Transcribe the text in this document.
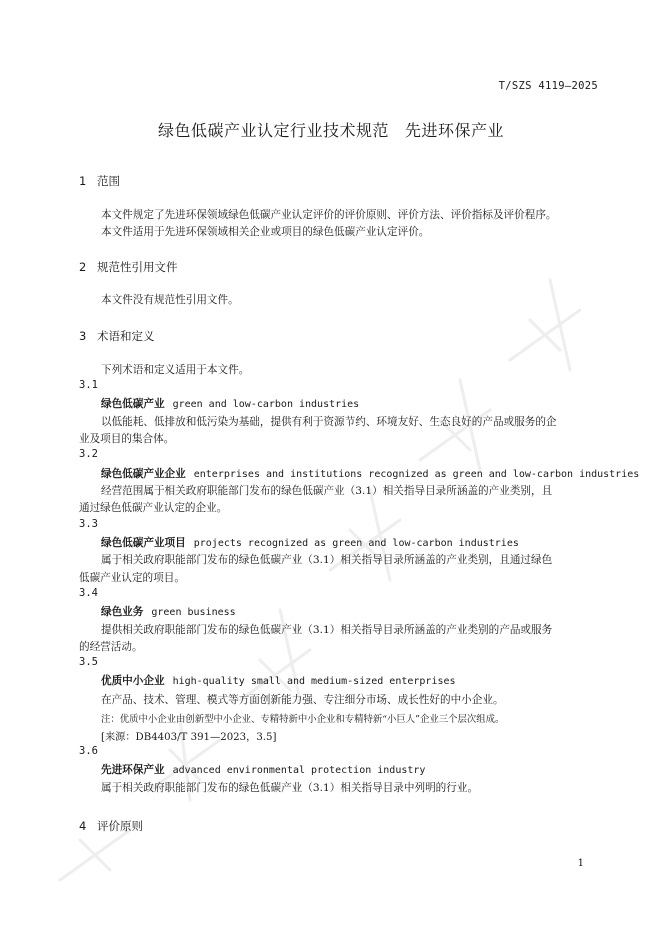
T/SZS 4119—2025
绿色低碳产业认定行业技术规范 先进环保产业
1 范围
本文件规定了先进环保领域绿色低碳产业认定评价的评价原则、评价方法、评价指标及评价程序。
本文件适用于先进环保领域相关企业或项目的绿色低碳产业认定评价。
2 规范性引用文件
本文件没有规范性引用文件。
3 术语和定义
下列术语和定义适用于本文件。
3.1
绿色低碳产业 green and low-carbon industries
以低能耗、低排放和低污染为基础，提供有利于资源节约、环境友好、生态良好的产品或服务的企
业及项目的集合体。
3.2
绿色低碳产业企业 enterprises and institutions recognized as green and low-carbon industries
经营范围属于相关政府职能部门发布的绿色低碳产业（3.1）相关指导目录所涵盖的产业类别，且
通过绿色低碳产业认定的企业。
3.3
绿色低碳产业项目 projects recognized as green and low-carbon industries
属于相关政府职能部门发布的绿色低碳产业（3.1）相关指导目录所涵盖的产业类别，且通过绿色
低碳产业认定的项目。
3.4
绿色业务 green business
提供相关政府职能部门发布的绿色低碳产业（3.1）相关指导目录所涵盖的产业类别的产品或服务
的经营活动。
3.5
优质中小企业 high-quality small and medium-sized enterprises
在产品、技术、管理、模式等方面创新能力强、专注细分市场、成长性好的中小企业。
注：优质中小企业由创新型中小企业、专精特新中小企业和专精特新“小巨人”企业三个层次组成。
[来源：DB4403/T 391—2023，3.5]
3.6
先进环保产业 advanced environmental protection industry
属于相关政府职能部门发布的绿色低碳产业（3.1）相关指导目录中列明的行业。
4 评价原则
1
